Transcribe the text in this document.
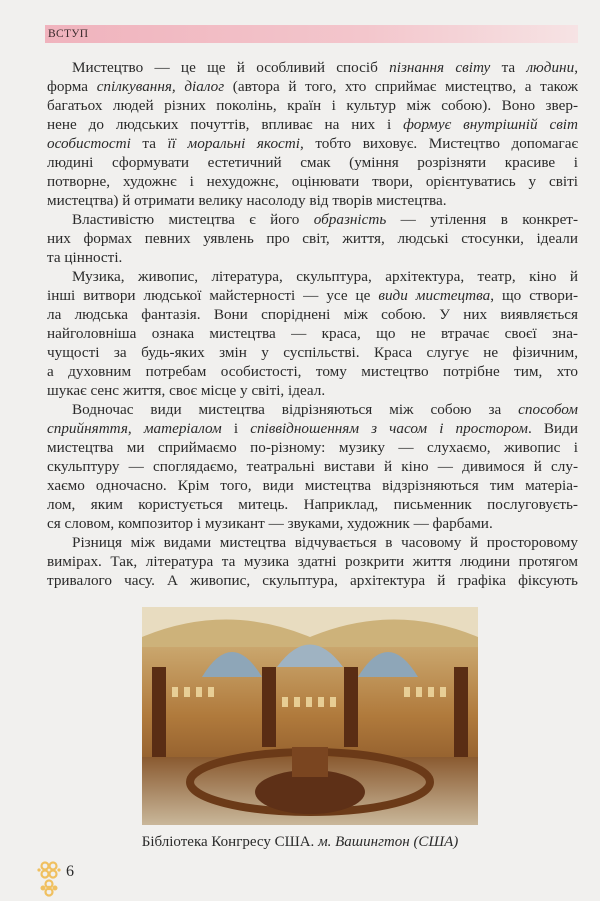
ВСТУП
Мистецтво — це ще й особливий спосіб пізнання світу та людини,
форма спілкування, діалог (автора й того, хто сприймає мистецтво, а також
багатьох людей різних поколінь, країн і культур між собою). Воно звер-
нене до людських почуттів, впливає на них і формує внутрішній світ
особистості та її моральні якості, тобто виховує. Мистецтво допомагає
людині сформувати естетичний смак (уміння розрізняти красиве і
потворне, художнє і нехудожнє, оцінювати твори, орієнтуватись у світі
мистецтва) й отримати велику насолоду від творів мистецтва.
Властивістю мистецтва є його образність — утілення в конкрет-
них формах певних уявлень про світ, життя, людські стосунки, ідеали
та цінності.
Музика, живопис, література, скульптура, архітектура, театр, кіно й
інші витвори людської майстерності — усе це види мистецтва, що створи-
ла людська фантазія. Вони споріднені між собою. У них виявляється
найголовніша ознака мистецтва — краса, що не втрачає своєї зна-
чущості за будь-яких змін у суспільстві. Краса слугує не фізичним,
а духовним потребам особистості, тому мистецтво потрібне тим, хто
шукає сенс життя, своє місце у світі, ідеал.
Водночас види мистецтва відрізняються між собою за способом
сприйняття, матеріалом і співвідношенням з часом і простором. Види
мистецтва ми сприймаємо по-різному: музику — слухаємо, живопис і
скульптуру — споглядаємо, театральні вистави й кіно — дивимося й слу-
хаємо одночасно. Крім того, види мистецтва відзрізняються тим матеріа-
лом, яким користується митець. Наприклад, письменник послуговуєть-
ся словом, композитор і музикант — звуками, художник — фарбами.
Різниця між видами мистецтва відчувається в часовому й просторовому
вимірах. Так, література та музика здатні розкрити життя людини протягом
тривалого часу. А живопис, скульптура, архітектура й графіка фіксують
Бібліотека Конгресу США. м. Вашингтон (США)
6
